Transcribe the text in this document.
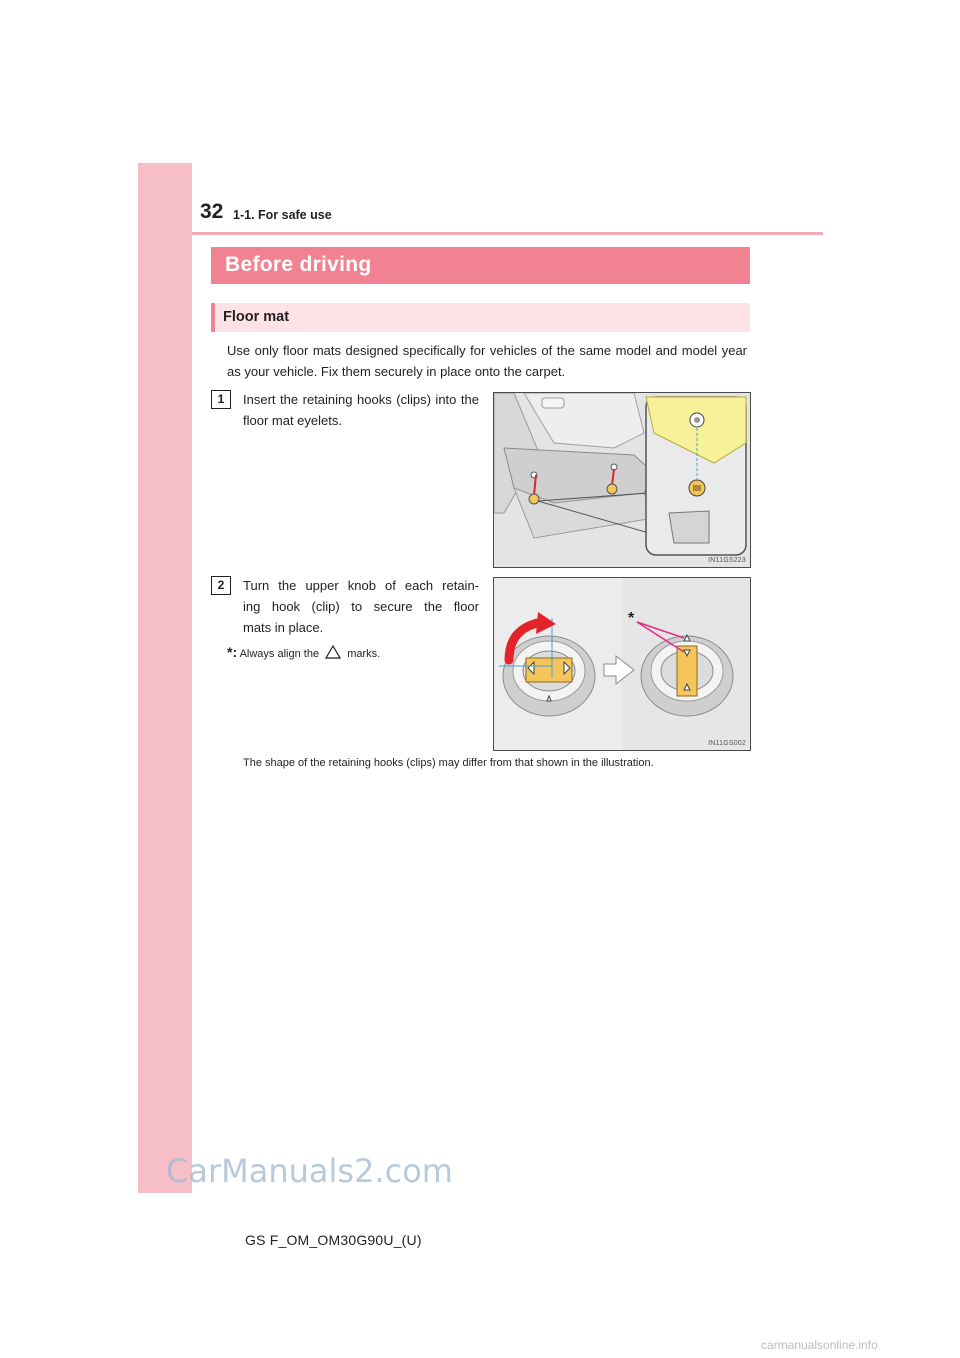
32 1-1. For safe use
Before driving
Floor mat
Use only floor mats designed specifically for vehicles of the same model and model year as your vehicle. Fix them securely in place onto the carpet.
1	Insert the retaining hooks (clips) into the floor mat eyelets.
IN11GS223
2	Turn the upper knob of each retain-
ing hook (clip) to secure the floor
mats in place.
*: Always align the	marks.
*
IN11GS002
The shape of the retaining hooks (clips) may differ from that shown in the illustration.
CarManuals2.com
GS F_OM_OM30G90U_(U)
carmanualsonline.info
